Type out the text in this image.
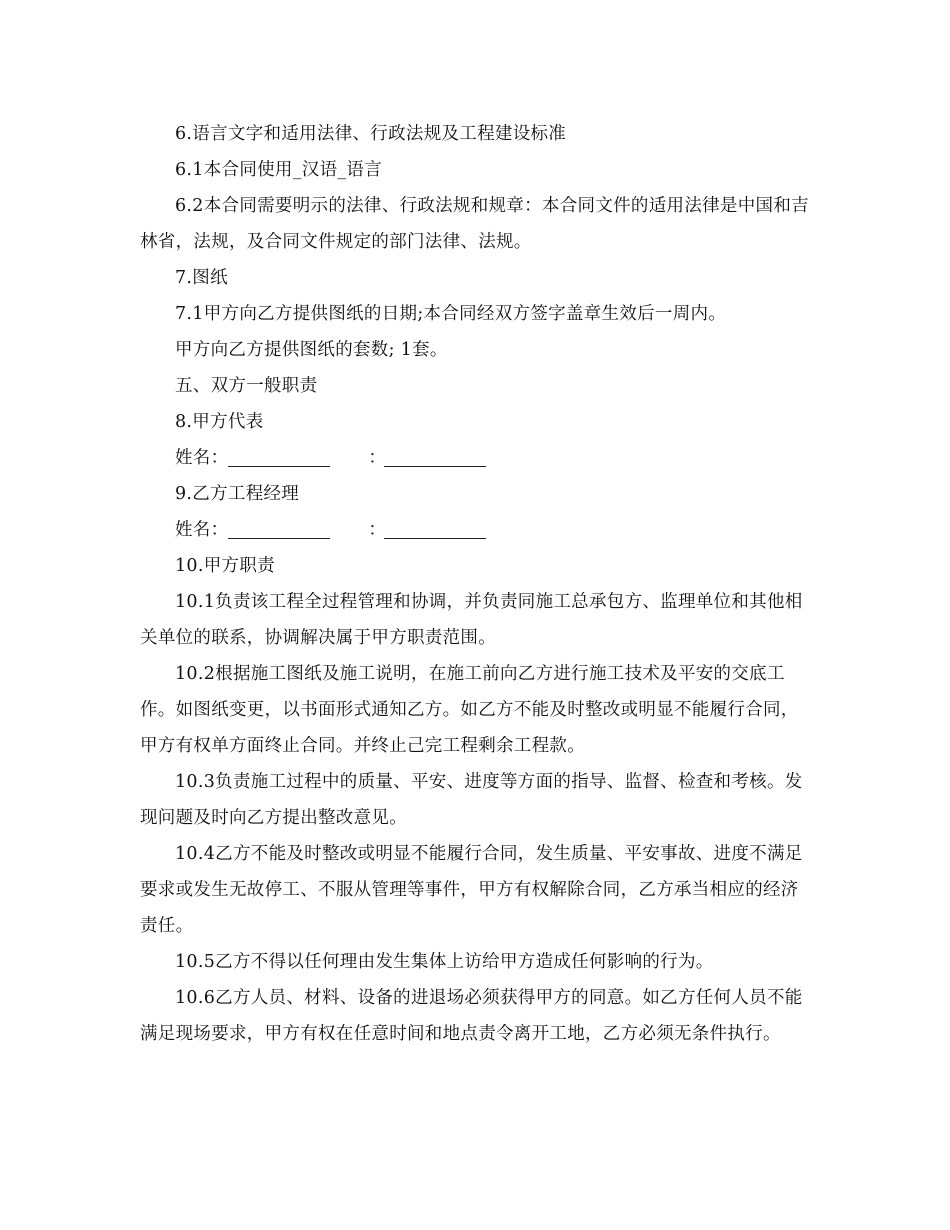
6.语言文字和适用法律、行政法规及工程建设标准

6.1本合同使用_汉语_语言

6.2本合同需要明示的法律、行政法规和规章：本合同文件的适用法律是中国和吉林省，法规，及合同文件规定的部门法律、法规。

7.图纸

7.1甲方向乙方提供图纸的日期;本合同经双方签字盖章生效后一周内。

甲方向乙方提供图纸的套数; 1套。

五、双方一般职责

8.甲方代表

姓名：	：

9.乙方工程经理

姓名：	：

10.甲方职责

10.1负责该工程全过程管理和协调，并负责同施工总承包方、监理单位和其他相关单位的联系，协调解决属于甲方职责范围。

10.2根据施工图纸及施工说明，在施工前向乙方进行施工技术及平安的交底工作。如图纸变更，以书面形式通知乙方。如乙方不能及时整改或明显不能履行合同，甲方有权单方面终止合同。并终止己完工程剩余工程款。

10.3负责施工过程中的质量、平安、进度等方面的指导、监督、检查和考核。发现问题及时向乙方提出整改意见。

10.4乙方不能及时整改或明显不能履行合同，发生质量、平安事故、进度不满足要求或发生无故停工、不服从管理等事件，甲方有权解除合同，乙方承当相应的经济责任。

10.5乙方不得以任何理由发生集体上访给甲方造成任何影响的行为。

10.6乙方人员、材料、设备的进退场必须获得甲方的同意。如乙方任何人员不能满足现场要求，甲方有权在任意时间和地点责令离开工地，乙方必须无条件执行。
